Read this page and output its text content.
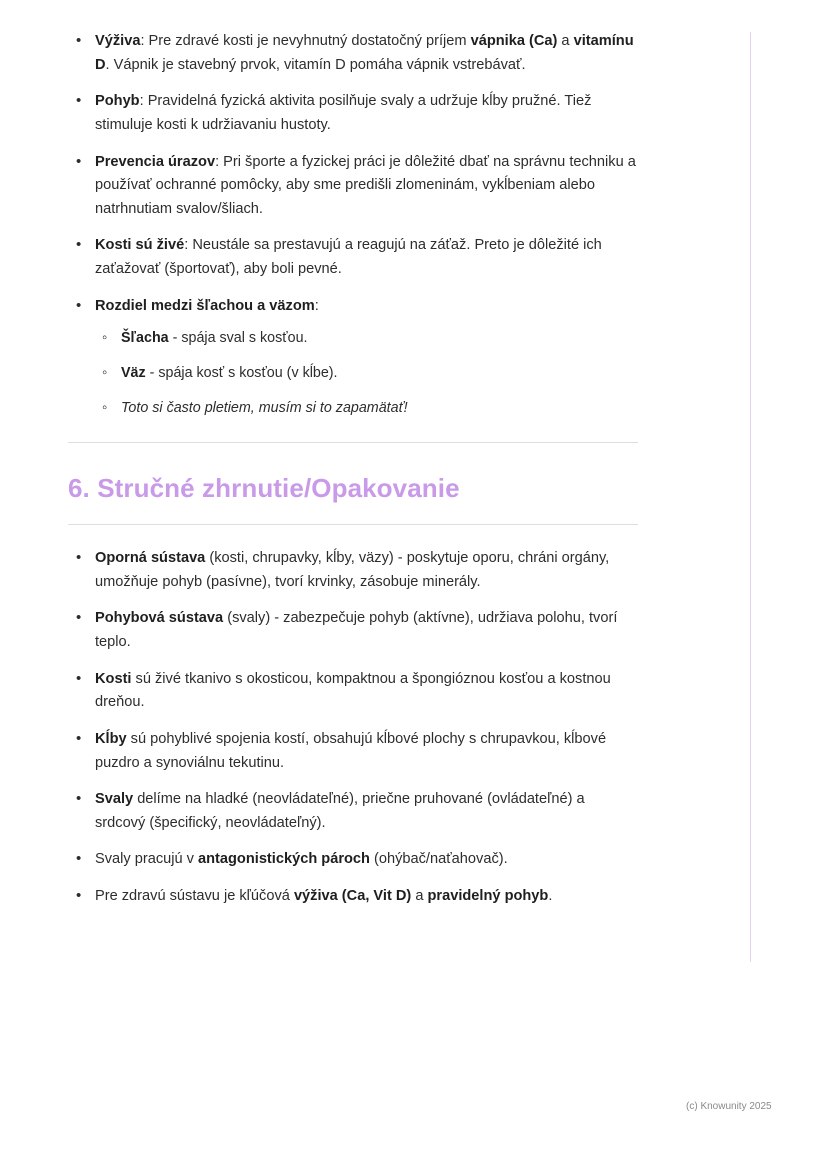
• Výživa: Pre zdravé kosti je nevyhnutný dostatočný príjem vápnika (Ca) a vitamínu D. Vápnik je stavebný prvok, vitamín D pomáha vápnik vstrebávať.
• Pohyb: Pravidelná fyzická aktivita posilňuje svaly a udržuje kĺby pružné. Tiež stimuluje kosti k udržiavaniu hustoty.
• Prevencia úrazov: Pri športe a fyzickej práci je dôležité dbať na správnu techniku a používať ochranné pomôcky, aby sme predišli zlomeninám, vykĺbeniam alebo natrhnutiam svalov/šliach.
• Kosti sú živé: Neustále sa prestavujú a reagujú na záťaž. Preto je dôležité ich zaťažovať (športovať), aby boli pevné.
• Rozdiel medzi šľachou a väzom:
◦ Šľacha - spája sval s kosťou.
◦ Väz - spája kosť s kosťou (v kĺbe).
◦ Toto si často pletiem, musím si to zapamätať!
6. Stručné zhrnutie/Opakovanie
• Oporná sústava (kosti, chrupavky, kĺby, väzy) - poskytuje oporu, chráni orgány, umožňuje pohyb (pasívne), tvorí krvinky, zásobuje minerály.
• Pohybová sústava (svaly) - zabezpečuje pohyb (aktívne), udržiava polohu, tvorí teplo.
• Kosti sú živé tkanivo s okosticou, kompaktnou a špongióznou kosťou a kostnou dreňou.
• Kĺby sú pohyblivé spojenia kostí, obsahujú kĺbové plochy s chrupavkou, kĺbové puzdro a synoviálnu tekutinu.
• Svaly delíme na hladké (neovládateľné), priečne pruhované (ovládateľné) a srdcový (špecifický, neovládateľný).
• Svaly pracujú v antagonistických pároch (ohýbač/naťahovač).
• Pre zdravú sústavu je kľúčová výživa (Ca, Vit D) a pravidelný pohyb.
(c) Knowunity 2025
